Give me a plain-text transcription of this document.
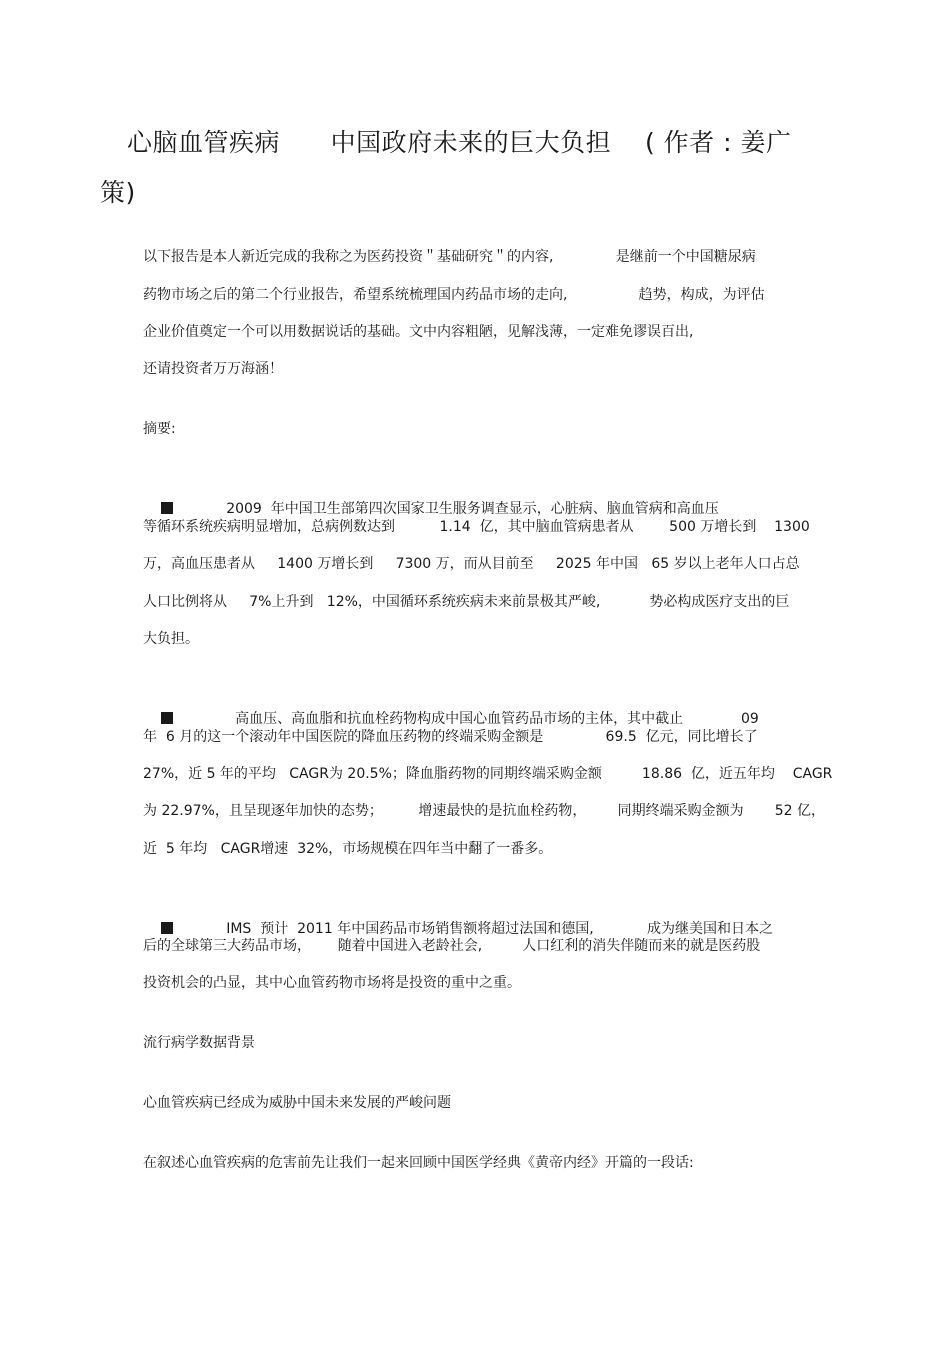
心脑血管疾病      中国政府未来的巨大负担    ( 作者 : 姜广策)
以下报告是本人新近完成的我称之为医药投资＂基础研究＂的内容,              是继前一个中国糖尿病
药物市场之后的第二个行业报告，希望系统梳理国内药品市场的走向,                趋势，构成，为评估
企业价值奠定一个可以用数据说话的基础。文中内容粗陋，见解浅薄，一定难免谬误百出,
还请投资者万万海涵！
摘要:

2009  年中国卫生部第四次国家卫生服务调查显示，心脏病、脑血管病和高血压

等循环系统疾病明显增加，总病例数达到          1.14  亿，其中脑血管病患者从        500 万增长到    1300
万，高血压患者从     1400 万增长到     7300 万，而从目前至     2025 年中国   65 岁以上老年人口占总
人口比例将从     7%上升到   12%，中国循环系统疾病未来前景极其严峻,           势必构成医疗支出的巨
大负担。

高血压、高血脂和抗血栓药物构成中国心血管药品市场的主体，其中截止             09

年  6 月的这一个滚动年中国医院的降血压药物的终端采购金额是              69.5  亿元，同比增长了
27%，近 5 年的平均   CAGR为 20.5%；降血脂药物的同期终端采购金额         18.86  亿，近五年均    CAGR
为 22.97%，且呈现逐年加快的态势；        增速最快的是抗血栓药物，       同期终端采购金额为       52 亿，
近  5 年均   CAGR增速  32%，市场规模在四年当中翻了一番多。

IMS  预计  2011 年中国药品市场销售额将超过法国和德国,            成为继美国和日本之

后的全球第三大药品市场，      随着中国进入老龄社会,         人口红利的消失伴随而来的就是医药股
投资机会的凸显，其中心血管药物市场将是投资的重中之重。
流行病学数据背景
心血管疾病已经成为威胁中国未来发展的严峻问题
在叙述心血管疾病的危害前先让我们一起来回顾中国医学经典《黄帝内经》开篇的一段话:
